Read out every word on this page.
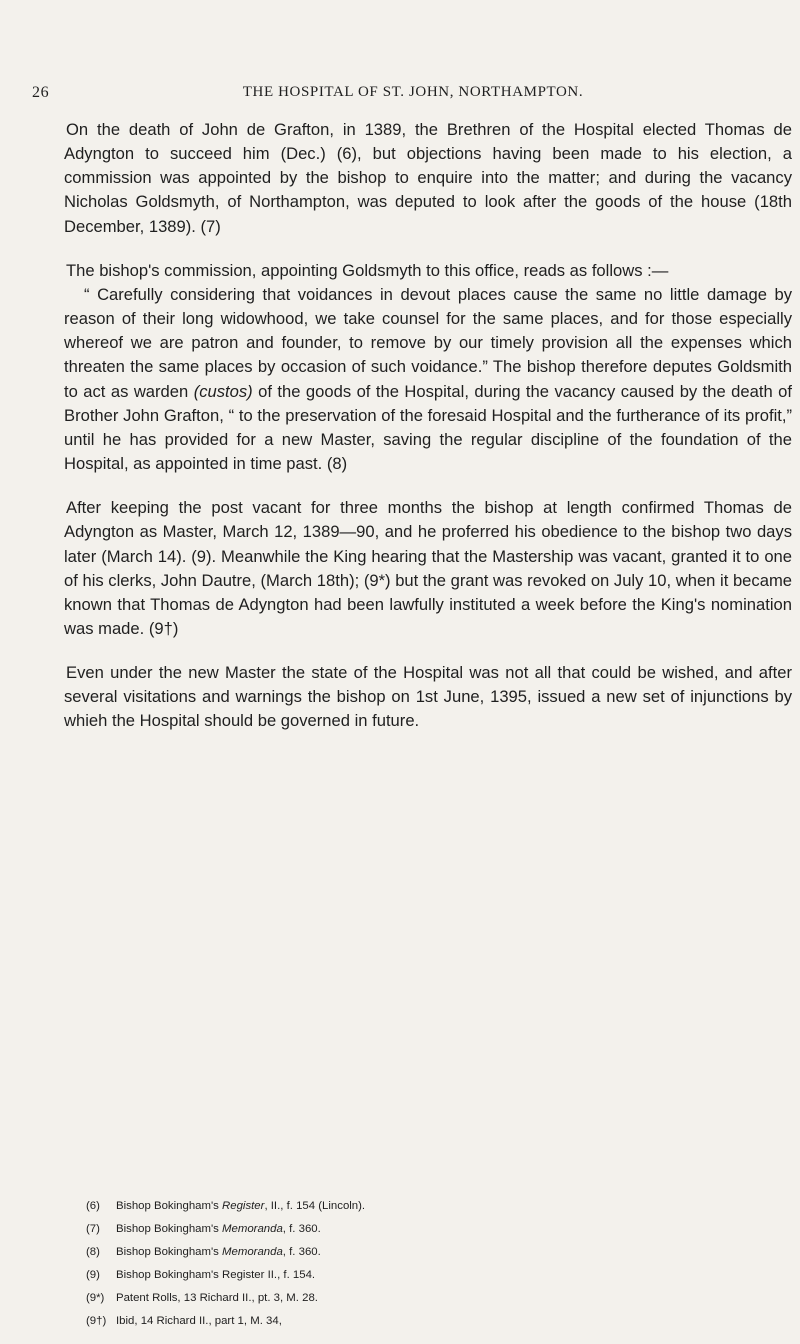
26	THE HOSPITAL OF ST. JOHN, NORTHAMPTON.

On the death of John de Grafton, in 1389, the Brethren of the Hospital elected Thomas de Adyngton to succeed him (Dec.) (6), but objections having been made to his election, a commission was appointed by the bishop to enquire into the matter; and during the vacancy Nicholas Goldsmyth, of Northampton, was deputed to look after the goods of the house (18th December, 1389). (7)

The bishop's commission, appointing Goldsmyth to this office, reads as follows :—

“ Carefully considering that voidances in devout places cause the same no little damage by reason of their long widowhood, we take counsel for the same places, and for those especially whereof we are patron and founder, to remove by our timely provision all the expenses which threaten the same places by occasion of such voidance.” The bishop therefore deputes Goldsmith to act as warden (custos) of the goods of the Hospital, during the vacancy caused by the death of Brother John Grafton, “ to the preservation of the foresaid Hospital and the furtherance of its profit,” until he has provided for a new Master, saving the regular discipline of the foundation of the Hospital, as appointed in time past. (8)

After keeping the post vacant for three months the bishop at length confirmed Thomas de Adyngton as Master, March 12, 1389—90, and he proferred his obedience to the bishop two days later (March 14). (9). Meanwhile the King hearing that the Mastership was vacant, granted it to one of his clerks, John Dautre, (March 18th); (9*) but the grant was revoked on July 10, when it became known that Thomas de Adyngton had been lawfully instituted a week before the King's nomination was made. (9†)

Even under the new Master the state of the Hospital was not all that could be wished, and after several visitations and warnings the bishop on 1st June, 1395, issued a new set of injunctions by whieh the Hospital should be governed in future.

(6)	Bishop Bokingham's Register, II., f. 154 (Lincoln).
(7)	Bishop Bokingham's Memoranda, f. 360.
(8)	Bishop Bokingham's Memoranda, f. 360.
(9)	Bishop Bokingham's Register II., f. 154.
(9*)	Patent Rolls, 13 Richard II., pt. 3, M. 28.
(9†) Ibid, 14 Richard II., part 1, M. 34,
